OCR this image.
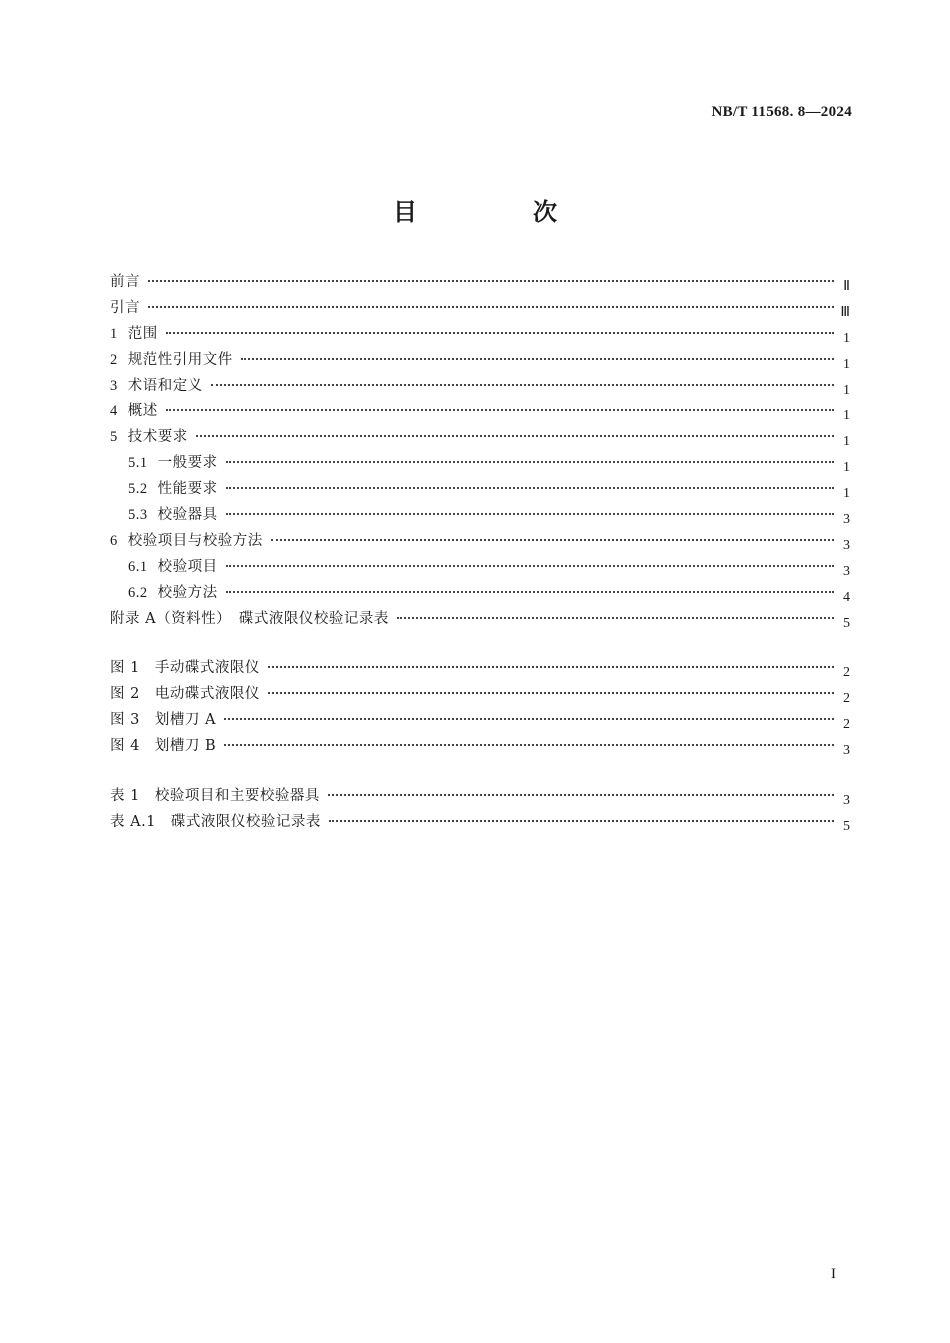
NB/T 11568. 8—2024
目　次
前言	Ⅱ
引言	Ⅲ
1 范围	1
2 规范性引用文件	1
3 术语和定义	1
4 概述	1
5 技术要求	1
5.1 一般要求	1
5.2 性能要求	1
5.3 校验器具	3
6 校验项目与校验方法	3
6.1 校验项目	3
6.2 校验方法	4
附录 A（资料性）　碟式液限仪校验记录表	5
图 1　手动碟式液限仪	2
图 2　电动碟式液限仪	2
图 3　划槽刀 A	2
图 4　划槽刀 B	3
表 1　校验项目和主要校验器具	3
表 A.1　碟式液限仪校验记录表	5
I
